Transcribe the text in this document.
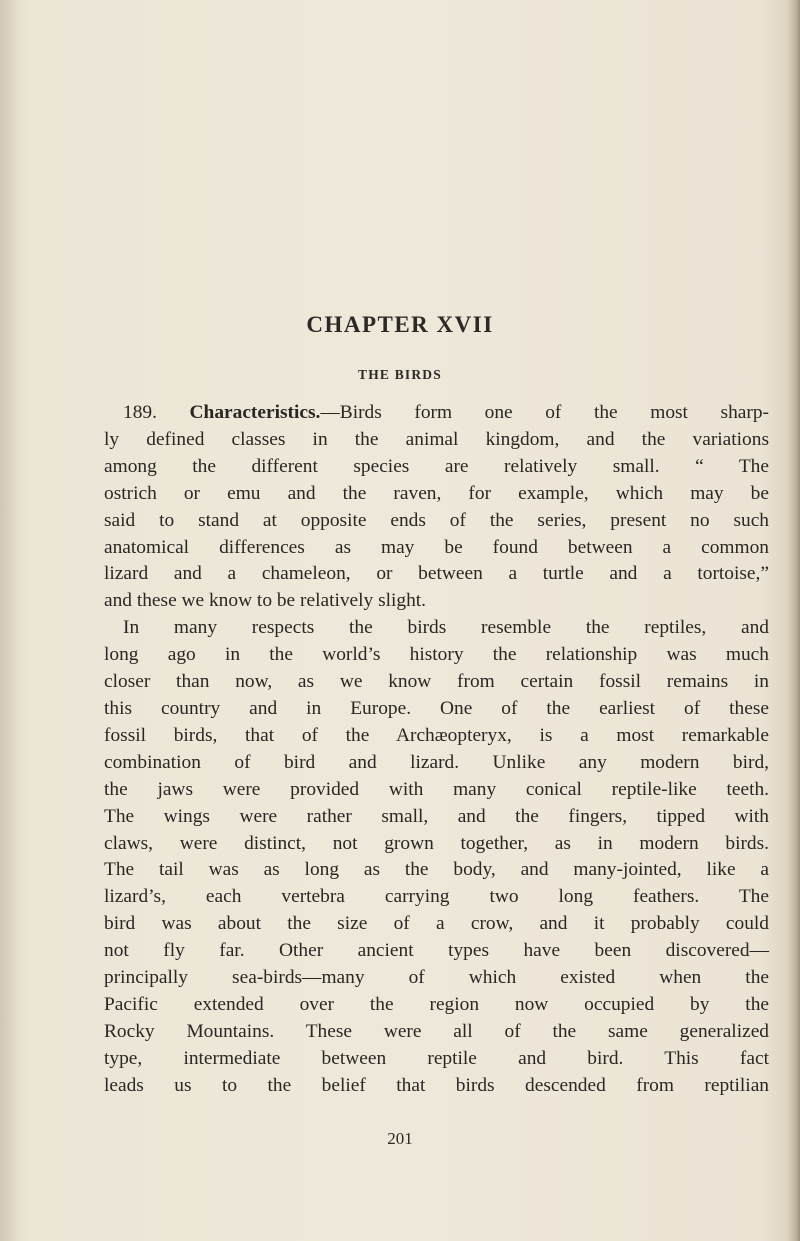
CHAPTER XVII
THE BIRDS
189. Characteristics.—Birds form one of the most sharp-
ly defined classes in the animal kingdom, and the variations
among the different species are relatively small. “ The
ostrich or emu and the raven, for example, which may be
said to stand at opposite ends of the series, present no such
anatomical differences as may be found between a common
lizard and a chameleon, or between a turtle and a tortoise,”
and these we know to be relatively slight.
In many respects the birds resemble the reptiles, and
long ago in the world’s history the relationship was much
closer than now, as we know from certain fossil remains in
this country and in Europe. One of the earliest of these
fossil birds, that of the Archæopteryx, is a most remarkable
combination of bird and lizard. Unlike any modern bird,
the jaws were provided with many conical reptile-like teeth.
The wings were rather small, and the fingers, tipped with
claws, were distinct, not grown together, as in modern birds.
The tail was as long as the body, and many-jointed, like a
lizard’s, each vertebra carrying two long feathers. The
bird was about the size of a crow, and it probably could
not fly far. Other ancient types have been discovered—
principally sea-birds—many of which existed when the
Pacific extended over the region now occupied by the
Rocky Mountains. These were all of the same generalized
type, intermediate between reptile and bird. This fact
leads us to the belief that birds descended from reptilian
201
